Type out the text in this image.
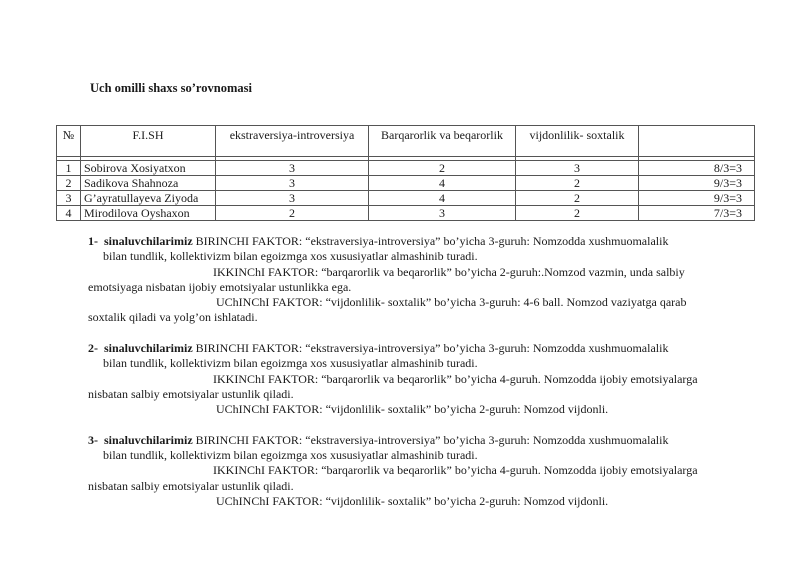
Uch omilli shaxs so’rovnomasi
№	F.I.SH	ekstraversiya-introversiya	Barqarorlik va beqarorlik	vijdonlilik- soxtalik	

1	Sobirova Xosiyatxon	3	2	3	8/3=3
2	Sadikova Shahnoza	3	4	2	9/3=3
3	G’ayratullayeva Ziyoda	3	4	2	9/3=3
4	Mirodilova Oyshaxon	2	3	2	7/3=3
1- sinaluvchilarimiz BIRINCHI FAKTOR: “ekstraversiya-introversiya” bo’yicha 3-guruh: Nomzodda xushmuomalalik
bilan tundlik, kollektivizm bilan egoizmga xos xususiyatlar almashinib turadi.
IKKINChI FAKTOR: “barqarorlik va beqarorlik” bo’yicha 2-guruh:.Nomzod vazmin, unda salbiy
emotsiyaga nisbatan ijobiy emotsiyalar ustunlikka ega.
UChINChI FAKTOR: “vijdonlilik- soxtalik” bo’yicha 3-guruh: 4-6 ball. Nomzod vaziyatga qarab
soxtalik qiladi va yolg’on ishlatadi.
2- sinaluvchilarimiz BIRINCHI FAKTOR: “ekstraversiya-introversiya” bo’yicha 3-guruh: Nomzodda xushmuomalalik
bilan tundlik, kollektivizm bilan egoizmga xos xususiyatlar almashinib turadi.
IKKINChI FAKTOR: “barqarorlik va beqarorlik” bo’yicha 4-guruh. Nomzodda ijobiy emotsiyalarga
nisbatan salbiy emotsiyalar ustunlik qiladi.
UChINChI FAKTOR: “vijdonlilik- soxtalik” bo’yicha 2-guruh: Nomzod vijdonli.
3- sinaluvchilarimiz BIRINCHI FAKTOR: “ekstraversiya-introversiya” bo’yicha 3-guruh: Nomzodda xushmuomalalik
bilan tundlik, kollektivizm bilan egoizmga xos xususiyatlar almashinib turadi.
IKKINChI FAKTOR: “barqarorlik va beqarorlik” bo’yicha 4-guruh. Nomzodda ijobiy emotsiyalarga
nisbatan salbiy emotsiyalar ustunlik qiladi.
UChINChI FAKTOR: “vijdonlilik- soxtalik” bo’yicha 2-guruh: Nomzod vijdonli.
